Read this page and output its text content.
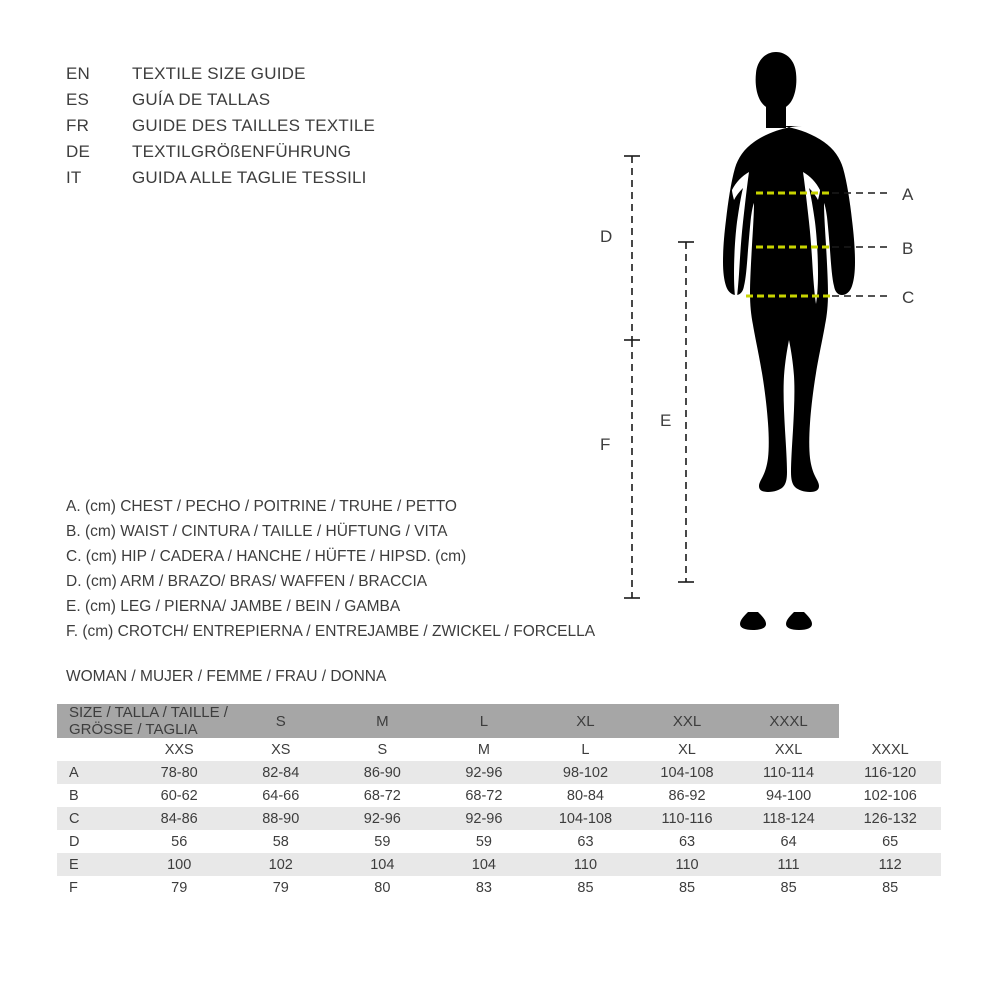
EN	TEXTILE SIZE GUIDE
ES	GUÍA DE TALLAS
FR	GUIDE DES TAILLES TEXTILE
DE	TEXTILGRÖßENFÜHRUNG
IT	GUIDA ALLE TAGLIE TESSILI
A. (cm) CHEST / PECHO / POITRINE / TRUHE / PETTO
B. (cm) WAIST / CINTURA / TAILLE / HÜFTUNG / VITA
C. (cm) HIP / CADERA / HANCHE / HÜFTE / HIPSD. (cm)
D. (cm) ARM / BRAZO/ BRAS/ WAFFEN / BRACCIA
E. (cm) LEG / PIERNA/ JAMBE / BEIN / GAMBA
F. (cm) CROTCH/ ENTREPIERNA / ENTREJAMBE / ZWICKEL / FORCELLA
WOMAN / MUJER / FEMME / FRAU / DONNA
SIZE / TALLA / TAILLE / GRÖSSE / TAGLIA		S	M	L	XL	XXL	XXXL	
	XXS	XS	S	M	L	XL	XXL	XXXL
A	78-80	82-84	86-90	92-96	98-102	104-108	110-114	116-120
B	60-62	64-66	68-72	68-72	80-84	86-92	94-100	102-106
C	84-86	88-90	92-96	92-96	104-108	110-116	118-124	126-132
D	56	58	59	59	63	63	64	65
E	100	102	104	104	110	110	111	112
F	79	79	80	83	85	85	85	85
A
B
C
D
E
F
